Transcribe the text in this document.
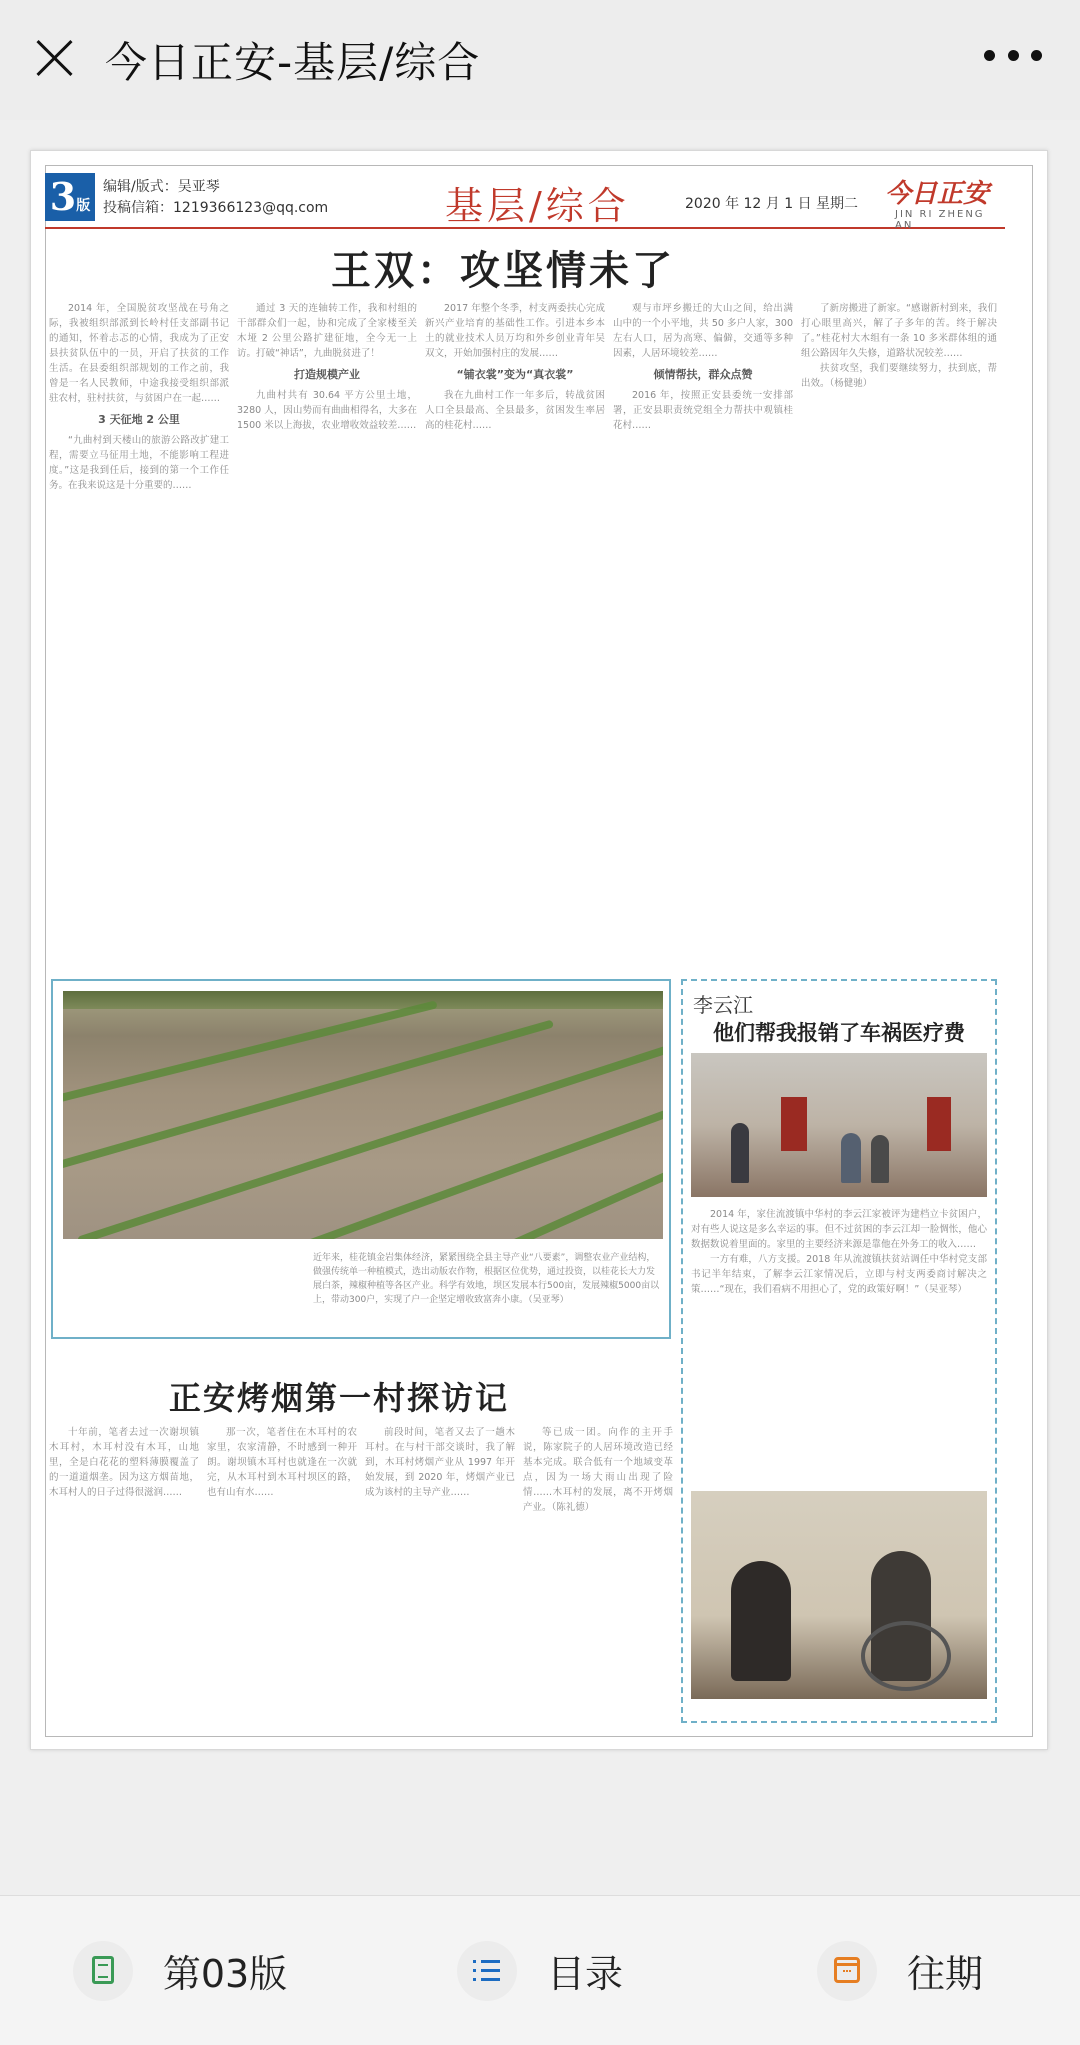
今日正安-基层/综合
3版
编辑/版式：吴亚琴
投稿信箱：1219366123@qq.com	基层/综合	2020 年 12 月 1 日 星期二 今日正安
JIN RI ZHENG AN
王双：攻坚情未了
2014 年，全国脱贫攻坚战在号角之际，我被组织部派到长岭村任支部副书记的通知，怀着忐忑的心情，我成为了正安县扶贫队伍中的一员，开启了扶贫的工作生活。在县委组织部规划的工作之前，我曾是一名人民教师，中途我接受组织部派驻农村，驻村扶贫，与贫困户在一起……
3 天征地 2 公里
“九曲村到天楼山的旅游公路改扩建工程，需要立马征用土地，不能影响工程进度。”这是我到任后，接到的第一个工作任务。在我来说这是十分重要的……
通过 3 天的连轴转工作，我和村组的干部群众们一起，协和完成了全家楼至关木垭 2 公里公路扩建征地，全今无一上访。打破“神话”，九曲脱贫进了！
打造规模产业
九曲村共有 30.64 平方公里土地，3280 人，因山势而有曲曲相得名，大多在 1500 米以上海拔，农业增收效益较差……
2017 年整个冬季，村支两委扶心完成新兴产业培育的基础性工作。引进本乡本土的就业技术人员万均和外乡创业青年吴双文，开始加强村庄的发展……
“铺衣裳”变为“真衣裳”
我在九曲村工作一年多后，转战贫困人口全县最高、全县最多，贫困发生率居高的桂花村……
观与市坪乡搬迁的大山之间，给出满山中的一个小平地，共 50 多户人家，300 左右人口，居为高寒、偏僻，交通等多种因素，人居环境较差……
倾情帮扶，群众点赞
2016 年，按照正安县委统一安排部署，正安县职责统党组全力帮扶中观镇桂花村……
了新房搬进了新家。“感谢新村到来，我们打心眼里高兴，解了子多年的苦。终于解决了。”桂花村大木组有一条 10 多米群体组的通组公路因年久失修，道路状况较差……
扶贫攻坚，我们要继续努力，扶到底，帮出效。（杨健驰）
近年来，桂花镇金岩集体经济，紧紧围绕全县主导产业“八要素”，调整农业产业结构，做强传统单一种植模式，选出动版农作物，根据区位优势，通过投资，以桂花长大力发展白茶，辣椒种植等各区产业。科学有效地，坝区发展本行500亩，发展辣椒5000亩以上，带动300户，实现了户一企坚定增收致富奔小康。（吴亚琴）
李云江
他们帮我报销了车祸医疗费
2014 年，家住流渡镇中华村的李云江家被评为建档立卡贫困户，对有些人说这是多么幸运的事。但不过贫困的李云江却一脸惆怅，他心数据数说着里面的。家里的主要经济来源是靠他在外务工的收入……
一方有难，八方支援。2018 年从流渡镇扶贫站调任中华村党支部书记半年结束，了解李云江家情况后，立即与村支两委商讨解决之策……“现在，我们看病不用担心了，党的政策好啊！”（吴亚琴）
正安烤烟第一村探访记
十年前，笔者去过一次谢坝镇木耳村，木耳村没有木耳，山地里，全是白花花的塑料薄膜覆盖了的一道道烟垄。因为这方烟苗地，木耳村人的日子过得很滋润……
那一次，笔者住在木耳村的农家里，农家清静，不时感到一种开朗。谢坝镇木耳村也就逢在一次就完，从木耳村到木耳村坝区的路，也有山有水……
前段时间，笔者又去了一趟木耳村。在与村干部交谈时，我了解到，木耳村烤烟产业从 1997 年开始发展，到 2020 年，烤烟产业已成为该村的主导产业……
等已成一团。向作的主开手说，陈家院子的人居环境改造已经基本完成。联合低有一个地域变革点，因为一场大雨山出现了险情……木耳村的发展，离不开烤烟产业。（陈礼德）
第03版	目录	往期
